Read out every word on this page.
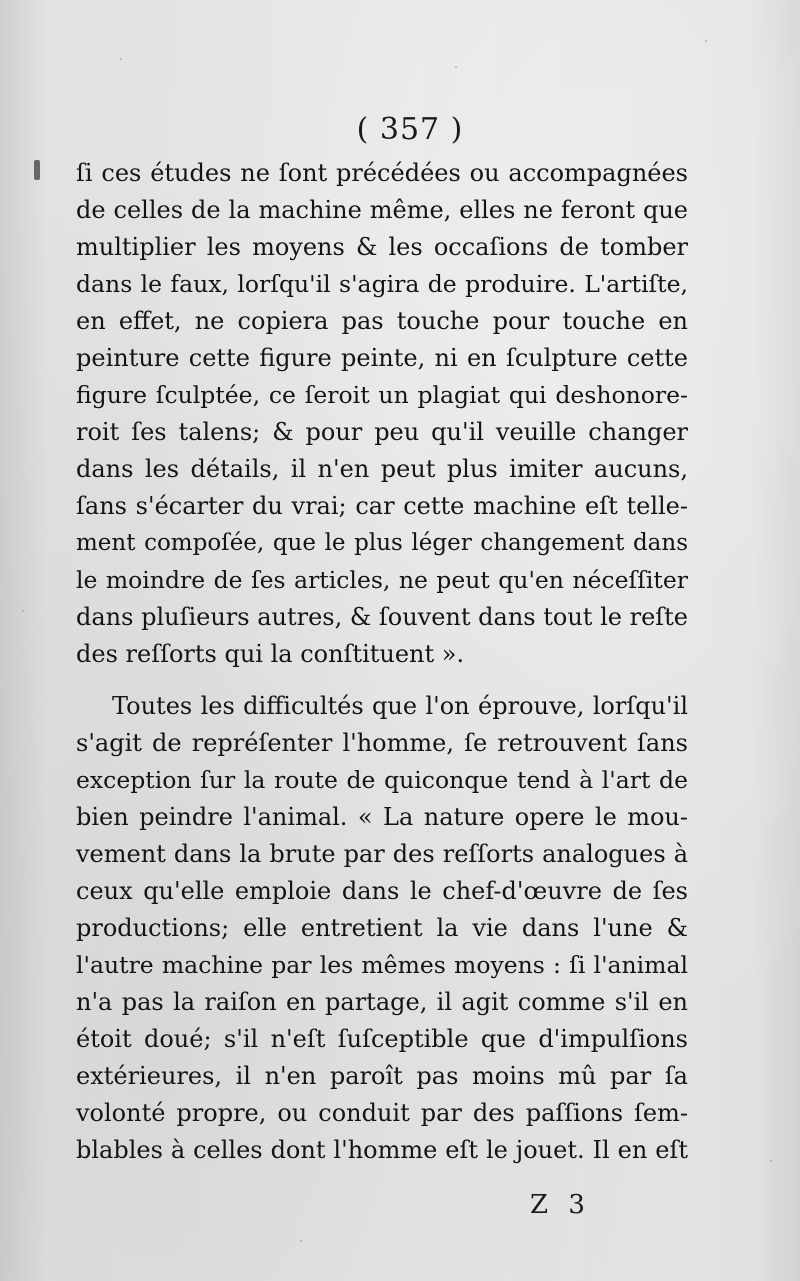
( 357 )
ſi ces études ne ſont précédées ou accompagnées
de celles de la machine même, elles ne feront que
multiplier les moyens & les occaſions de tomber
dans le faux, lorſqu'il s'agira de produire. L'artiſte,
en effet, ne copiera pas touche pour touche en
peinture cette figure peinte, ni en ſculpture cette
figure ſculptée, ce ſeroit un plagiat qui deshonore-
roit ſes talens; & pour peu qu'il veuille changer
dans les détails, il n'en peut plus imiter aucuns,
ſans s'écarter du vrai; car cette machine eſt telle-
ment compoſée, que le plus léger changement dans
le moindre de ſes articles, ne peut qu'en néceſſiter
dans pluſieurs autres, & ſouvent dans tout le reſte
des reſſorts qui la conſtituent ».
Toutes les difficultés que l'on éprouve, lorſqu'il
s'agit de repréſenter l'homme, ſe retrouvent ſans
exception ſur la route de quiconque tend à l'art de
bien peindre l'animal. « La nature opere le mou-
vement dans la brute par des reſſorts analogues à
ceux qu'elle emploie dans le chef-d'œuvre de ſes
productions; elle entretient la vie dans l'une &
l'autre machine par les mêmes moyens : ſi l'animal
n'a pas la raiſon en partage, il agit comme s'il en
étoit doué; s'il n'eſt ſuſceptible que d'impulſions
extérieures, il n'en paroît pas moins mû par ſa
volonté propre, ou conduit par des paſſions ſem-
blables à celles dont l'homme eſt le jouet. Il en eſt
Z 3
